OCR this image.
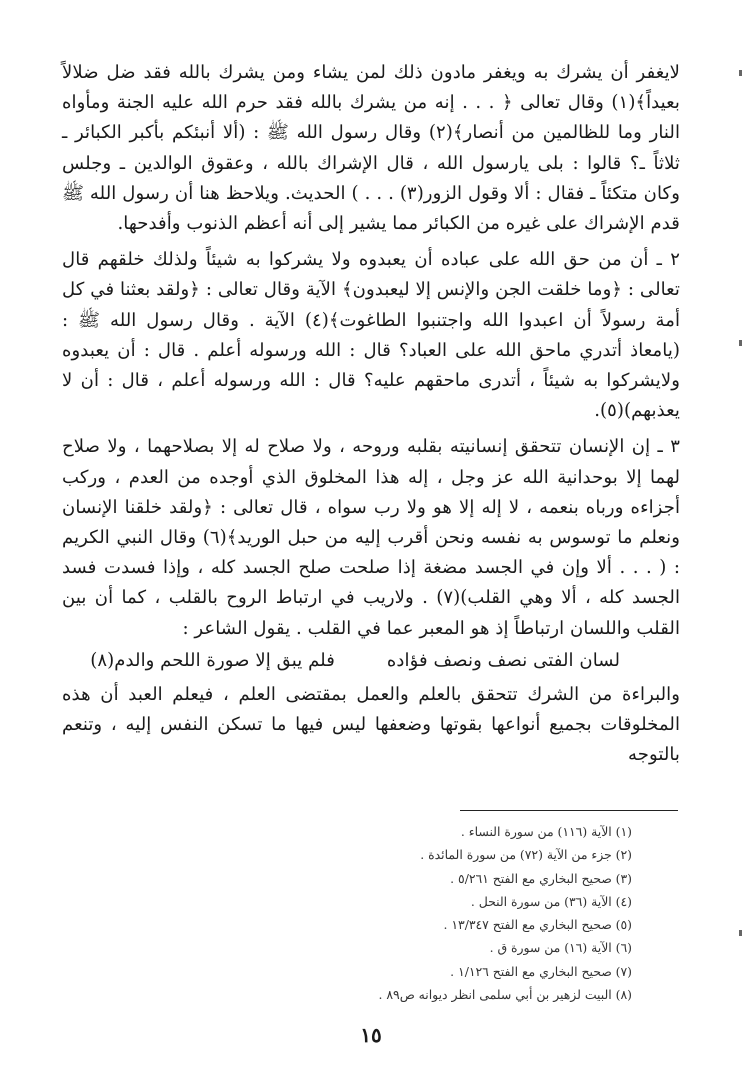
لايغفر أن يشرك به ويغفر مادون ذلك لمن يشاء ومن يشرك بالله فقد ضل ضلالاً بعيداً﴾(١) وقال تعالى ﴿ . . . إنه من يشرك بالله فقد حرم الله عليه الجنة ومأواه النار وما للظالمين من أنصار﴾(٢) وقال رسول الله ﷺ : (ألا أنبئكم بأكبر الكبائر ـ ثلاثاً ـ؟ قالوا : بلى يارسول الله ، قال الإشراك بالله ، وعقوق الوالدين ـ وجلس وكان متكئاً ـ فقال : ألا وقول الزور(٣) . . . ) الحديث. ويلاحظ هنا أن رسول الله ﷺ قدم الإشراك على غيره من الكبائر مما يشير إلى أنه أعظم الذنوب وأفدحها.

٢ ـ أن من حق الله على عباده أن يعبدوه ولا يشركوا به شيئاً ولذلك خلقهم قال تعالى : ﴿وما خلقت الجن والإنس إلا ليعبدون﴾ الآية وقال تعالى : ﴿ولقد بعثنا في كل أمة رسولاً أن اعبدوا الله واجتنبوا الطاغوت﴾(٤) الآية . وقال رسول الله ﷺ : (يامعاذ أتدري ماحق الله على العباد؟ قال : الله ورسوله أعلم . قال : أن يعبدوه ولايشركوا به شيئاً ، أتدرى ماحقهم عليه؟ قال : الله ورسوله أعلم ، قال : أن لا يعذبهم)(٥).

٣ ـ إن الإنسان تتحقق إنسانيته بقلبه وروحه ، ولا صلاح له إلا بصلاحهما ، ولا صلاح لهما إلا بوحدانية الله عز وجل ، إله هذا المخلوق الذي أوجده من العدم ، وركب أجزاءه ورباه بنعمه ، لا إله إلا هو ولا رب سواه ، قال تعالى : ﴿ولقد خلقنا الإنسان ونعلم ما توسوس به نفسه ونحن أقرب إليه من حبل الوريد﴾(٦) وقال النبي الكريم : ( . . . ألا وإن في الجسد مضغة إذا صلحت صلح الجسد كله ، وإذا فسدت فسد الجسد كله ، ألا وهي القلب)(٧) . ولاريب في ارتباط الروح بالقلب ، كما أن بين القلب واللسان ارتباطاً إذ هو المعبر عما في القلب . يقول الشاعر :

لسان الفتى نصف ونصف فؤاده
فلم يبق إلا صورة اللحم والدم(٨)

والبراءة من الشرك تتحقق بالعلم والعمل بمقتضى العلم ، فيعلم العبد أن هذه المخلوقات بجميع أنواعها بقوتها وضعفها ليس فيها ما تسكن النفس إليه ، وتنعم بالتوجه

(١) الآية (١١٦) من سورة النساء .
(٢) جزء من الآية (٧٢) من سورة المائدة .
(٣) صحيح البخاري مع الفتح ٥/٢٦١ .
(٤) الآية (٣٦) من سورة النحل .
(٥) صحيح البخاري مع الفتح ١٣/٣٤٧ .
(٦) الآية (١٦) من سورة ق .
(٧) صحيح البخاري مع الفتح ١/١٢٦ .
(٨) البيت لزهير بن أبي سلمى انظر ديوانه ص٨٩ .
١٥
